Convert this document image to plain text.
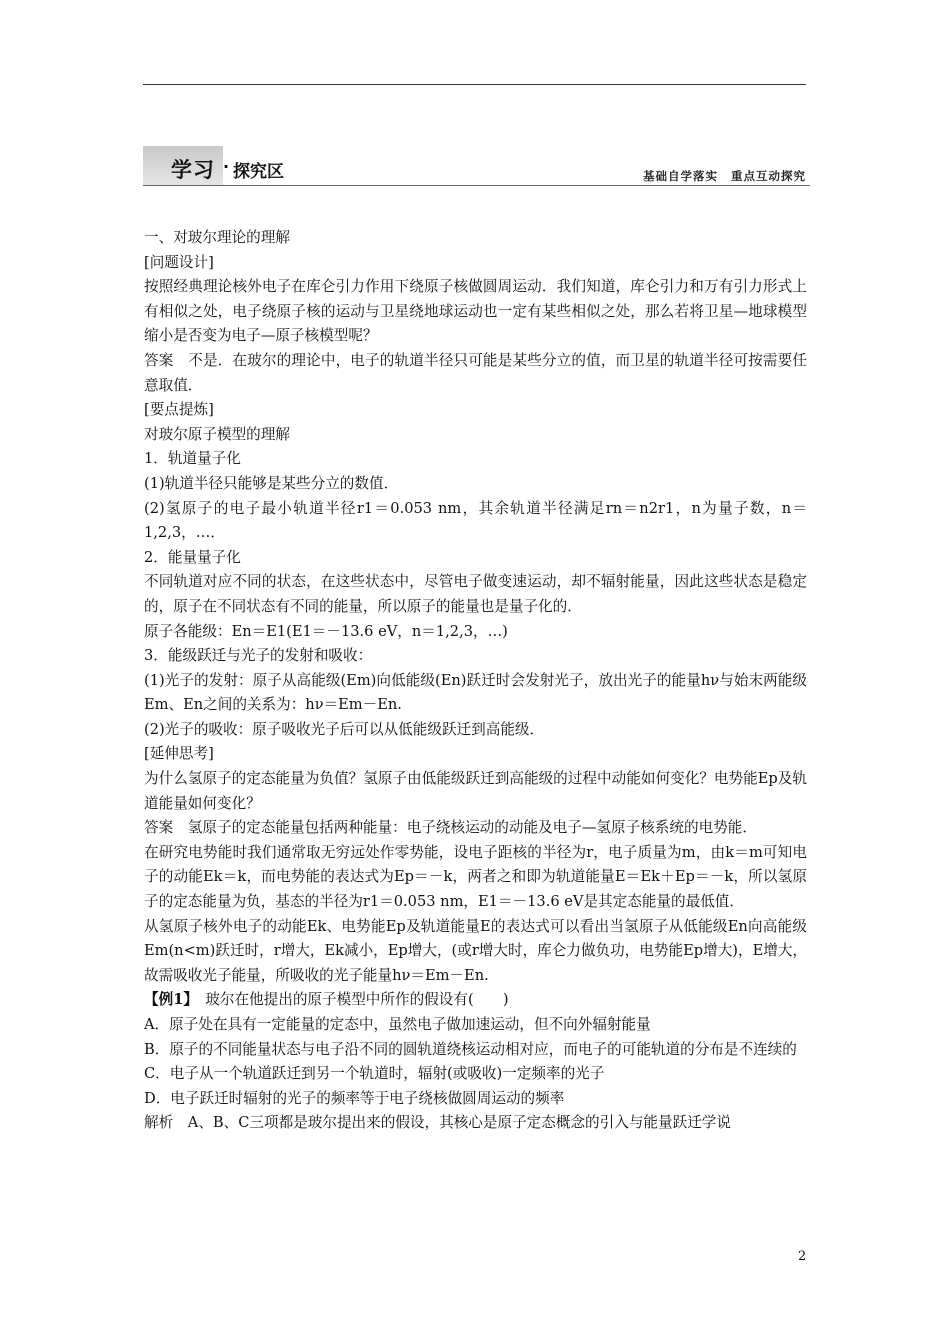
学习 · 探究区	基础自学落实 重点互动探究

一、对玻尔理论的理解

[问题设计]

按照经典理论核外电子在库仑引力作用下绕原子核做圆周运动．我们知道，库仑引力和万有引力形式上有相似之处，电子绕原子核的运动与卫星绕地球运动也一定有某些相似之处，那么若将卫星—地球模型缩小是否变为电子—原子核模型呢？

答案　不是．在玻尔的理论中，电子的轨道半径只可能是某些分立的值，而卫星的轨道半径可按需要任意取值．

[要点提炼]

对玻尔原子模型的理解

1．轨道量子化

(1)轨道半径只能够是某些分立的数值．

(2)氢原子的电子最小轨道半径r1＝0.053 nm，其余轨道半径满足rn＝n2r1，n为量子数，n＝1,2,3，…．

2．能量量子化

不同轨道对应不同的状态，在这些状态中，尽管电子做变速运动，却不辐射能量，因此这些状态是稳定的，原子在不同状态有不同的能量，所以原子的能量也是量子化的．

原子各能级：En＝E1(E1＝－13.6 eV，n＝1,2,3，…)

3．能级跃迁与光子的发射和吸收：

(1)光子的发射：原子从高能级(Em)向低能级(En)跃迁时会发射光子，放出光子的能量hν与始末两能级Em、En之间的关系为：hν＝Em－En.

(2)光子的吸收：原子吸收光子后可以从低能级跃迁到高能级．

[延伸思考]

为什么氢原子的定态能量为负值？氢原子由低能级跃迁到高能级的过程中动能如何变化？电势能Ep及轨道能量如何变化？

答案　氢原子的定态能量包括两种能量：电子绕核运动的动能及电子—氢原子核系统的电势能．

在研究电势能时我们通常取无穷远处作零势能，设电子距核的半径为r，电子质量为m，由k＝m可知电子的动能Ek＝k，而电势能的表达式为Ep＝－k，两者之和即为轨道能量E＝Ek＋Ep＝－k，所以氢原子的定态能量为负，基态的半径为r1＝0.053 nm，E1＝－13.6 eV是其定态能量的最低值．

从氢原子核外电子的动能Ek、电势能Ep及轨道能量E的表达式可以看出当氢原子从低能级En向高能级Em(n<m)跃迁时，r增大，Ek减小，Ep增大，(或r增大时，库仑力做负功，电势能Ep增大)，E增大，故需吸收光子能量，所吸收的光子能量hν＝Em－En.

【例1】　 玻尔在他提出的原子模型中所作的假设有(　　)

A．原子处在具有一定能量的定态中，虽然电子做加速运动，但不向外辐射能量

B．原子的不同能量状态与电子沿不同的圆轨道绕核运动相对应，而电子的可能轨道的分布是不连续的

C．电子从一个轨道跃迁到另一个轨道时，辐射(或吸收)一定频率的光子

D．电子跃迁时辐射的光子的频率等于电子绕核做圆周运动的频率

解析　A、B、C三项都是玻尔提出来的假设，其核心是原子定态概念的引入与能量跃迁学说

2
